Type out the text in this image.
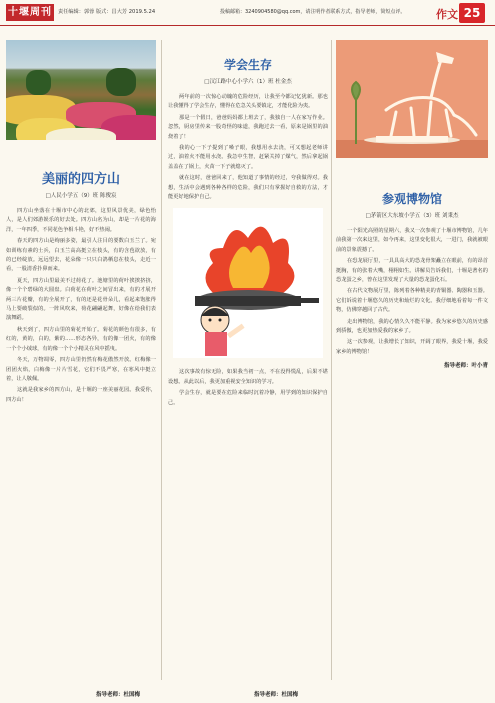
十堰周刊	责任编辑：郭蓉 版式：昌大芳 2019.5.24	投稿邮箱：3240904580@qq.com，请注明作者联系方式，指导老师，简短点评。	作文 25
美丽的四方山
□人民小学五（9）班 陈俊宸
四方山坐落在十堰市中心的北郊，这里风景优美，绿色怡人，是人们郊游娱乐的好去处。四方山名为山，却是一片花的海洋，一年四季，不同花色争相斗艳，好不热闹。
春天的四方山是绚丽多姿，最引人注目的要数白玉兰了。宛如训练有素的士兵，白玉兰高高挺立在枝头，有的含苞欲放，有的已经绽放。远远望去，花朵像一只只白鸽栖息在枝头，走近一看，一股清香扑鼻而来。
夏天，四方山里最美不过荷花了。池塘里的荷叶挨挨挤挤，像一个个碧绿的大圆盘。白荷花在荷叶之间冒出来，有的才展开两三片花瓣，有的全展开了，有的还是花骨朵儿，看起来饱胀得马上要破裂似的。一阵风吹来，荷花翩翩起舞，好像在给我们表演舞蹈。
秋天到了，四方山里的菊花开始了。菊花的颜色有很多，有红的，黄的，白的，紫的……形态各异，有的像一团火，有的像一个个小绒球，有的像一个个小精灵在风中摇曳。
冬天，万物凋零，四方山里仍然有梅花傲然开放。红梅像一团团火焰，白梅像一片片雪花，它们不畏严寒，在寒风中挺立着，让人敬佩。
这就是我家乡的四方山，是十堰的一座美丽花园。我爱你，四方山！
指导老师：杜国梅
学会生存
□汉江路中心小学六（1）班 杜金杰
两年前的一次惊心动魄的危险经历，让我至今都记忆犹新。那也让我懂得了学会生存，懂得在危急关头要镇定，才能化险为夷。
那是一个假日，爸爸妈妈都上班去了，我独自一人在家写作业。忽然，厨房里传来一股奇怪的味道，我跑过去一看，原来是锅里的油烧着了！
我的心一下子提到了嗓子眼，我想用水去浇，可又想起老师讲过，油着火不能用水浇。我急中生智，赶紧关掉了煤气，然后拿起锅盖盖在了锅上，火苗一下子就熄灭了。
就在这时，爸爸回来了，他知道了事情的经过，夸我做得对。我想，生活中会遇到各种各样的危险，我们只有掌握好自救的方法，才能更好地保护自己。
这次事故有惊无险，如果我当初一点，不在没得慌乱，后果不堪设想。从此以后，我更加重视安全知识的学习。
学会生存，就是要在危险来临时沉着冷静，用学到的知识保护自己。
指导老师：杜国梅
参观博物馆
□茅箭区大东坡小学五（3）班 刘秉杰
一个阳光高照的星期六，我又一次参观了十堰市博物馆，几年前我第一次来这里，如今再来，这里变化很大，一进门，我就被眼前的景象震撼了。
在恐龙展厅里，一具具高大的恐龙骨架矗立在眼前，有的昂首挺胸，有的张着大嘴，栩栩如生。讲解员告诉我们，十堰是著名的恐龙蛋之乡，曾在这里发现了大量的恐龙蛋化石。
在古代文物展厅里，陈列着各种精美的青铜器、陶器和玉器。它们诉说着十堰悠久的历史和灿烂的文化。我仔细地看着每一件文物，仿佛穿越回了古代。
走出博物馆，我的心情久久不能平静。我为家乡悠久的历史感到骄傲，也更加热爱我的家乡了。
这一次参观，让我增长了知识，开阔了眼界，我爱十堰，我爱家乡的博物馆！
指导老师：叶小青
